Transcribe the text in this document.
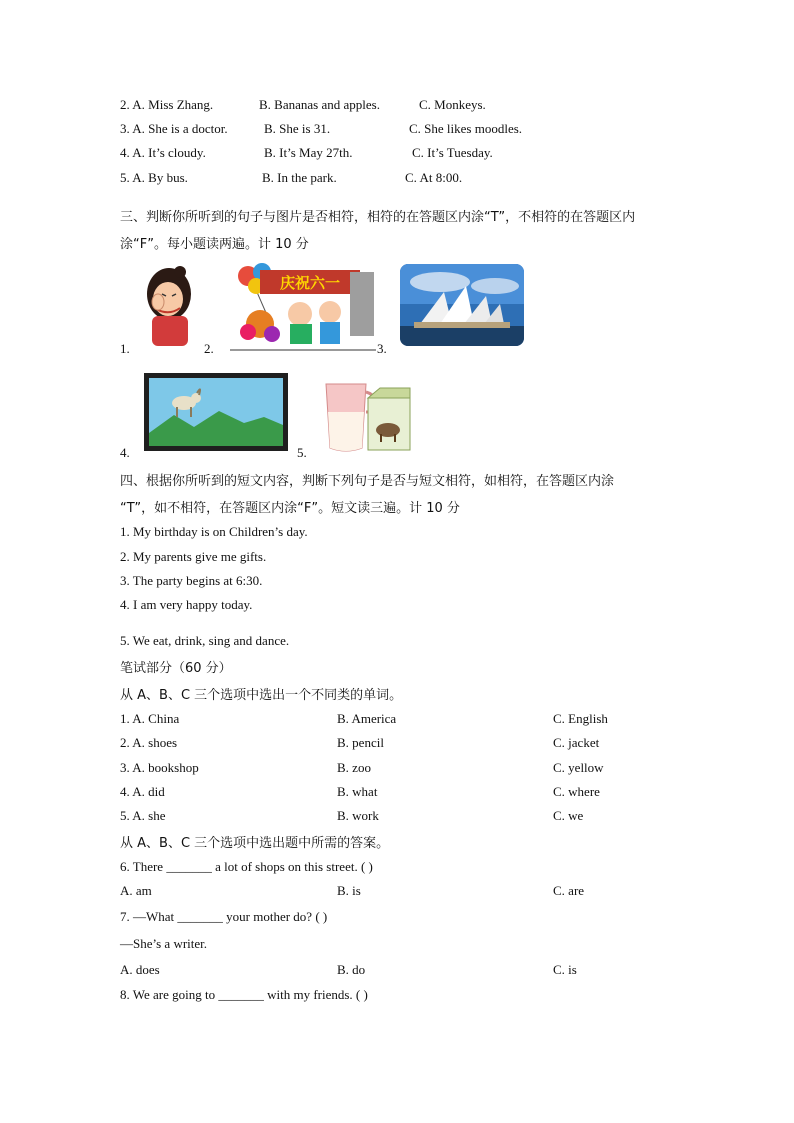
2. A. Miss Zhang.	B. Bananas and apples.	C. Monkeys.
3. A. She is a doctor.	B. She is 31.	C. She likes moodles.
4. A. It’s cloudy.	B. It’s May 27th.	C. It’s Tuesday.
5. A. By bus.	B. In the park.	C. At 8:00.
三、判断你所听到的句子与图片是否相符，相符的在答题区内涂“T”，不相符的在答题区内
涂“F”。每小题读两遍。计 10 分
1.	2.
庆祝六一
3.
4.	5.
四、根据你所听到的短文内容，判断下列句子是否与短文相符，如相符，在答题区内涂
“T”，如不相符，在答题区内涂“F”。短文读三遍。计 10 分
1. My birthday is on Children’s day.
2. My parents give me gifts.
3. The party begins at 6:30.
4. I am very happy today.
5. We eat, drink, sing and dance.
笔试部分（60 分）
从 A、B、C 三个选项中选出一个不同类的单词。
1. A. China	B. America	C. English
2. A. shoes	B. pencil	C. jacket
3. A. bookshop	B. zoo	C. yellow
4. A. did	B. what	C. where
5. A. she	B. work	C. we
从 A、B、C 三个选项中选出题中所需的答案。
6. There _______ a lot of shops on this street. ( )
A. am	B. is	C. are
7. —What _______ your mother do? ( )
—She’s a writer.
A. does	B. do	C. is
8. We are going to _______ with my friends. ( )
